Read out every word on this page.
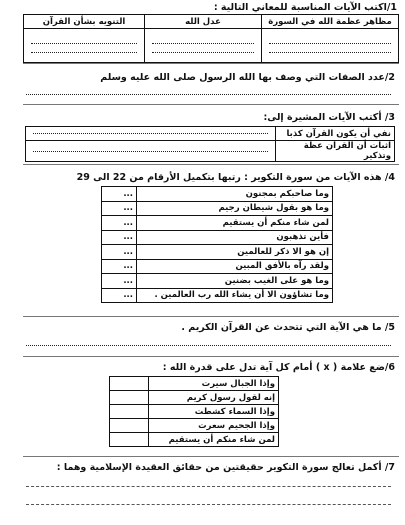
1/اكتب الآيات المناسبة للمعاني التالية :
مظاهر عظمة الله في السورة	عدل الله	التنويه بشأن القرآن

2/عدد الصفات التي وصف بها الله الرسول صلى الله عليه وسلم
3/ أكتب الآيات المشيرة إلى:
نفي أن يكون القرآن كذبا	

اثبات أن القرآن عظة وتذكير	
4/ هذه الآيات من سورة التكوير : رتبها بتكميل الأرقام من 22 الى 29
وما صاحبكم بمجنون	...
وما هو بقول شيطان رجيم	...
لمن شاء منكم أن يستقيم	...
فأين تذهبون	...
إن هو الا ذكر للعالمين	...
ولقد رآه بالأفق المبين	...
وما هو على الغيب بضنين	...
وما تشاؤون الا أن يشاء الله رب العالمين .	...
5/ ما هي الآية التي تتحدث عن القرآن الكريم .
6/ضع علامة ( x ) أمام كل آية تدل على قدرة الله :
وإذا الجبال سيرت	
إنه لقول رسول كريم	
وإذا السماء كشطت	
وإذا الجحيم سعرت	
لمن شاء منكم أن يستقيم	
7/ أكمل تعالج سورة التكوير حقيقتين من حقائق العقيدة الإسلامية وهما :
